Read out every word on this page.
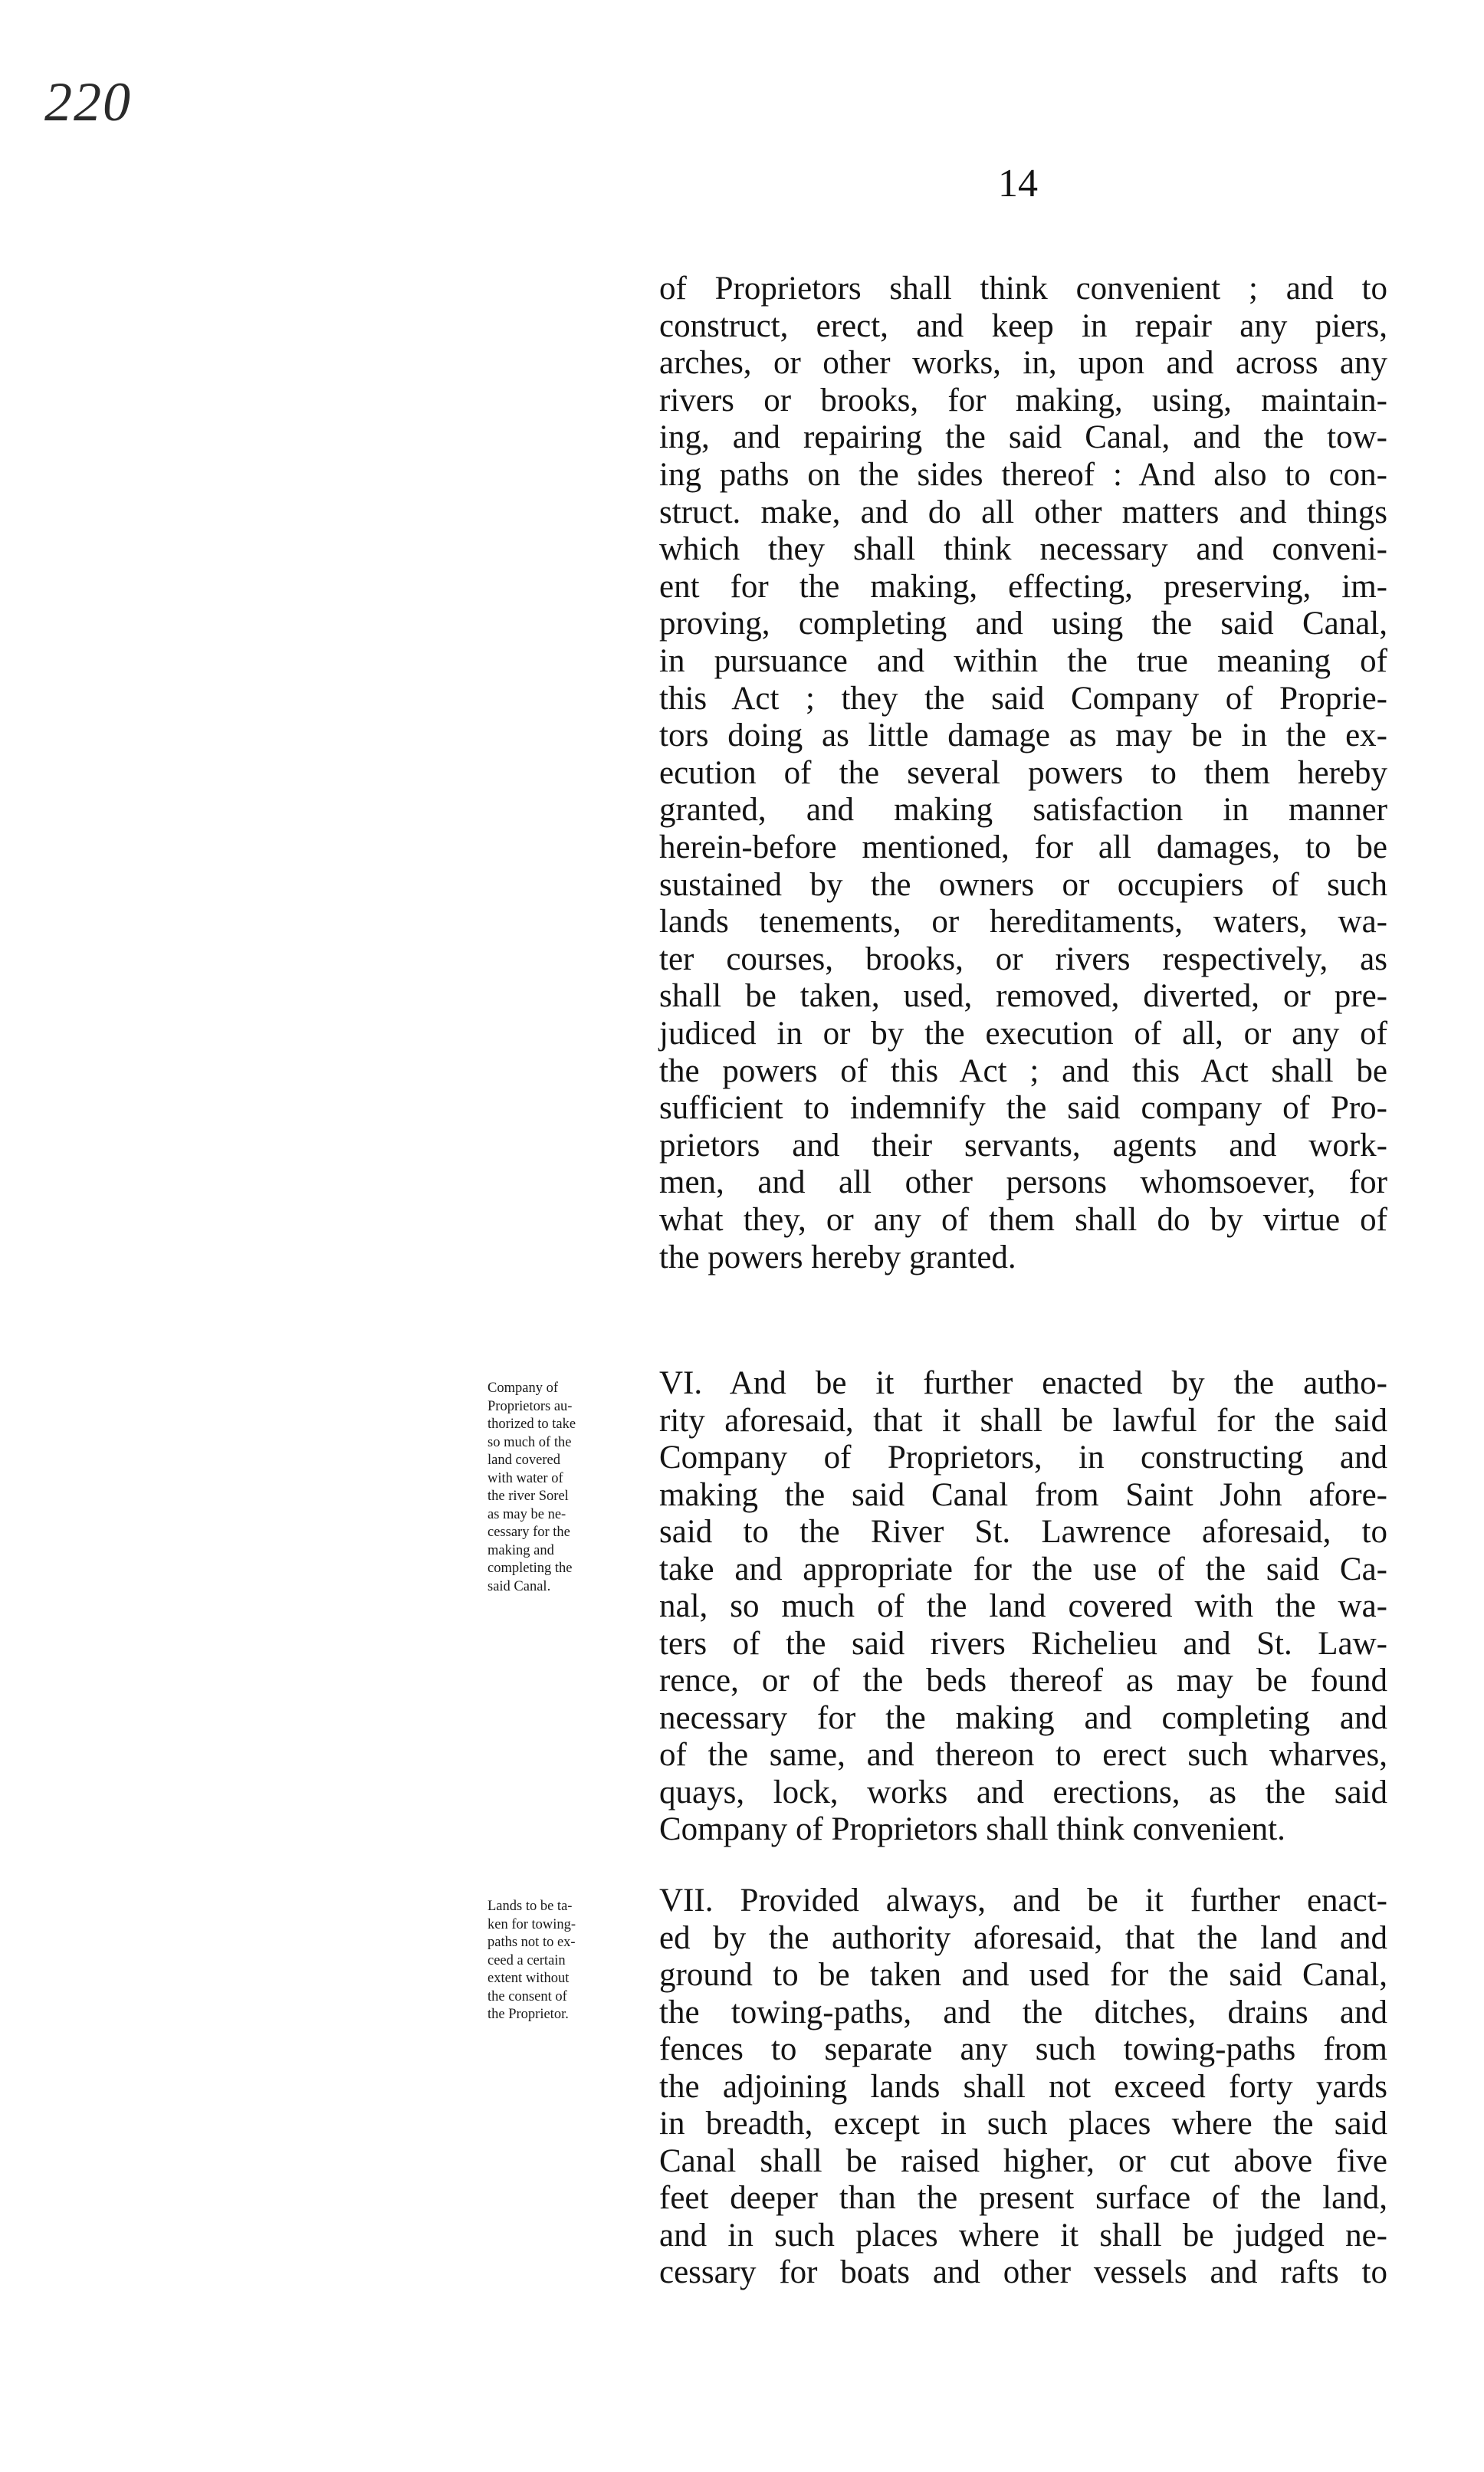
220
14
of Proprietors shall think convenient ; and to
construct, erect, and keep in repair any piers,
arches, or other works, in, upon and across any
rivers or brooks, for making, using, maintain-
ing, and repairing the said Canal, and the tow-
ing paths on the sides thereof : And also to con-
struct. make, and do all other matters and things
which they shall think necessary and conveni-
ent for the making, effecting, preserving, im-
proving, completing and using the said Canal,
in pursuance and within the true meaning of
this Act ; they the said Company of Proprie-
tors doing as little damage as may be in the ex-
ecution of the several powers to them hereby
granted, and making satisfaction in manner
herein-before mentioned, for all damages, to be
sustained by the owners or occupiers of such
lands tenements, or hereditaments, waters, wa-
ter courses, brooks, or rivers respectively, as
shall be taken, used, removed, diverted, or pre-
judiced in or by the execution of all, or any of
the powers of this Act ; and this Act shall be
sufficient to indemnify the said company of Pro-
prietors and their servants, agents and work-
men, and all other persons whomsoever, for
what they, or any of them shall do by virtue of
the powers hereby granted.
Company of
Proprietors au-
thorized to take
so much of the
land covered
with water of
the river Sorel
as may be ne-
cessary for the
making and
completing the
said Canal.
VI. And be it further enacted by the autho-
rity aforesaid, that it shall be lawful for the said
Company of Proprietors, in constructing and
making the said Canal from Saint John afore-
said to the River St. Lawrence aforesaid, to
take and appropriate for the use of the said Ca-
nal, so much of the land covered with the wa-
ters of the said rivers Richelieu and St. Law-
rence, or of the beds thereof as may be found
necessary for the making and completing and
of the same, and thereon to erect such wharves,
quays, lock, works and erections, as the said
Company of Proprietors shall think convenient.
Lands to be ta-
ken for towing-
paths not to ex-
ceed a certain
extent without
the consent of
the Proprietor.
VII. Provided always, and be it further enact-
ed by the authority aforesaid, that the land and
ground to be taken and used for the said Canal,
the towing-paths, and the ditches, drains and
fences to separate any such towing-paths from
the adjoining lands shall not exceed forty yards
in breadth, except in such places where the said
Canal shall be raised higher, or cut above five
feet deeper than the present surface of the land,
and in such places where it shall be judged ne-
cessary for boats and other vessels and rafts to
